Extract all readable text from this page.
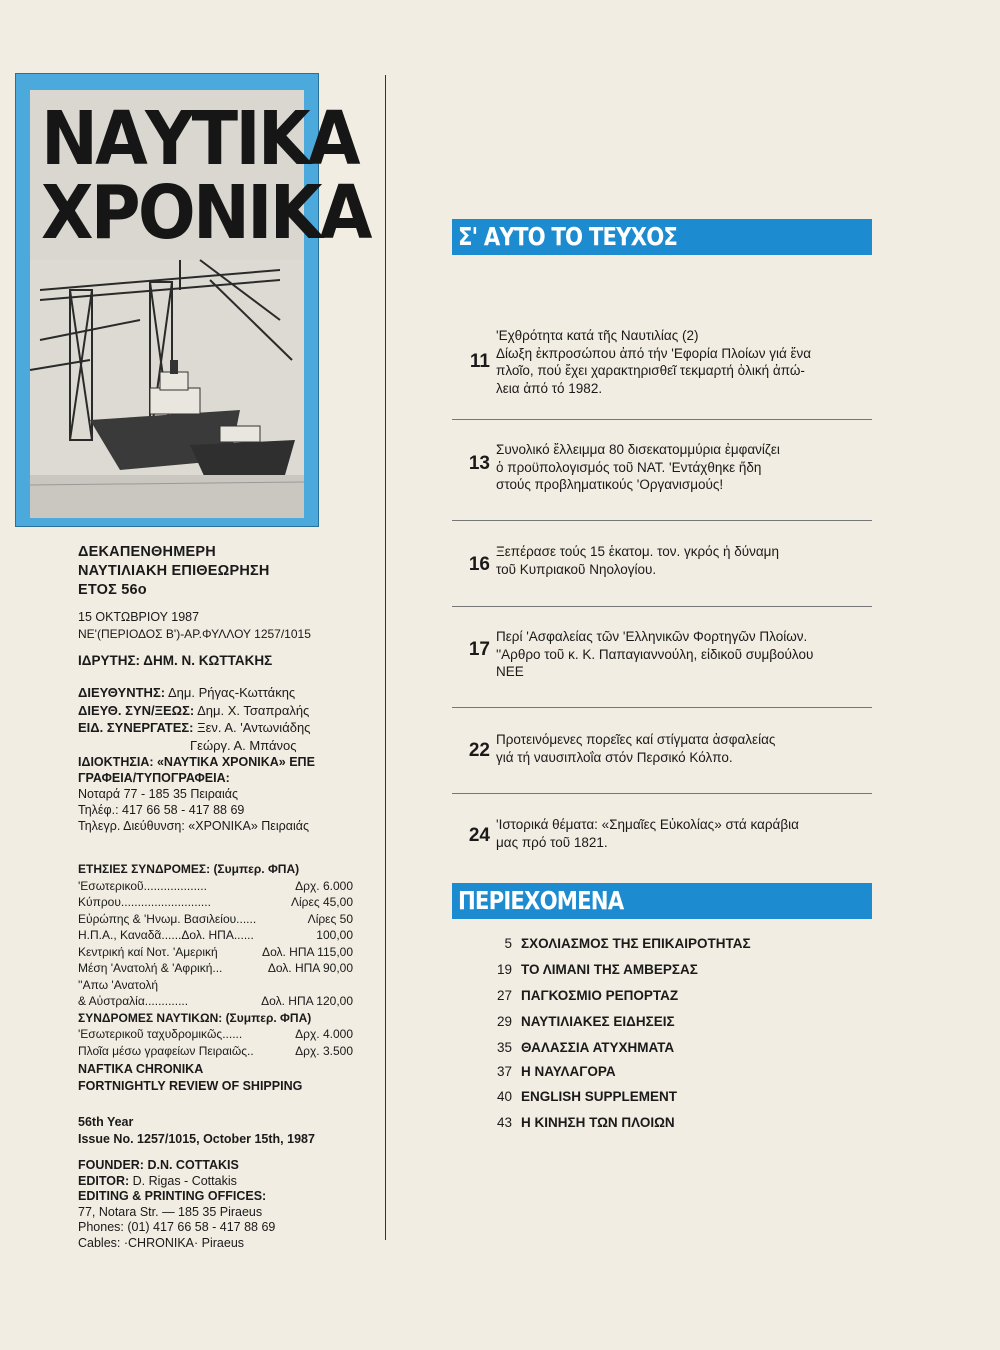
ΝΑΥΤΙΚΑ
ΧΡΟΝΙΚΑ
ΔΕΚΑΠΕΝΘΗΜΕΡΗ
ΝΑΥΤΙΛΙΑΚΗ ΕΠΙΘΕΩΡΗΣΗ
ΕΤΟΣ 56ο
15 ΟΚΤΩΒΡΙΟΥ 1987
ΝΕ'(ΠΕΡΙΟΔΟΣ Β')-ΑΡ.ΦΥΛΛΟΥ 1257/1015
ΙΔΡΥΤΗΣ: ΔΗΜ. Ν. ΚΩΤΤΑΚΗΣ
ΔΙΕΥΘΥΝΤΗΣ: Δημ. Ρήγας-Κωττάκης
ΔΙΕΥΘ. ΣΥΝ/ΞΕΩΣ: Δημ. Χ. Τσαπραλής
ΕΙΔ. ΣΥΝΕΡΓΑΤΕΣ: Ξεν. Α. 'Αντωνιάδης
Γεώργ. Α. Μπάνος
ΙΔΙΟΚΤΗΣΙΑ: «ΝΑΥΤΙΚΑ ΧΡΟΝΙΚΑ» ΕΠΕ
ΓΡΑΦΕΙΑ/ΤΥΠΟΓΡΑΦΕΙΑ:
Νοταρά 77 - 185 35 Πειραιάς
Τηλέφ.: 417 66 58 - 417 88 69
Τηλεγρ. Διεύθυνση: «ΧΡΟΝΙΚΑ» Πειραιάς
ΕΤΗΣΙΕΣ ΣΥΝΔΡΟΜΕΣ: (Συμπερ. ΦΠΑ)
'Εσωτερικοῦ...................	Δρχ. 6.000
Κύπρου...........................	Λίρες 45,00
Εὐρώπης & 'Ηνωμ. Βασιλείου......	Λίρες 50
Η.Π.Α., Καναδᾶ......Δολ. ΗΠΑ......	100,00
Κεντρική καί Νοτ. 'Αμερική	Δολ. ΗΠΑ 115,00
Μέση 'Ανατολή & 'Αφρική...	Δολ. ΗΠΑ 90,00
''Απω 'Ανατολή
& Αὐστραλία.............	Δολ. ΗΠΑ 120,00
ΣΥΝΔΡΟΜΕΣ ΝΑΥΤΙΚΩΝ: (Συμπερ. ΦΠΑ)
'Εσωτερικοῦ ταχυδρομικῶς......	Δρχ. 4.000
Πλοῖα μέσω γραφείων Πειραιῶς..	Δρχ. 3.500
NAFTIKA CHRONIKA
FORTNIGHTLY REVIEW OF SHIPPING
56th Year
Issue No. 1257/1015, October 15th, 1987
FOUNDER: D.N. COTTAKIS
EDITOR: D. Rigas - Cottakis
EDITING & PRINTING OFFICES:
77, Notara Str. — 185 35 Piraeus
Phones: (01) 417 66 58 - 417 88 69
Cables: ·CHRONIKA· Piraeus
Σ' ΑΥΤΟ ΤΟ ΤΕΥΧΟΣ
11
'Εχθρότητα κατά τῆς Ναυτιλίας (2)
Δίωξη ἐκπροσώπου ἀπό τήν 'Εφορία Πλοίων γιά ἕνα
πλοῖο, πού ἔχει χαρακτηρισθεῖ τεκμαρτή ὁλική ἀπώ-
λεια ἀπό τό 1982.
13
Συνολικό ἔλλειμμα 80 δισεκατομμύρια ἐμφανίζει
ὁ προϋπολογισμός τοῦ ΝΑΤ. 'Εντάχθηκε ἤδη
στούς προβληματικούς 'Οργανισμούς!
16
Ξεπέρασε τούς 15 ἑκατομ. τον. γκρός ἡ δύναμη
τοῦ Κυπριακοῦ Νηολογίου.
17
Περί 'Ασφαλείας τῶν 'Ελληνικῶν Φορτηγῶν Πλοίων.
''Αρθρο τοῦ κ. Κ. Παπαγιαννούλη, εἰδικοῦ συμβούλου
ΝΕΕ
22
Προτεινόμενες πορεῖες καί στίγματα ἀσφαλείας
γιά τή ναυσιπλοΐα στόν Περσικό Κόλπο.
24
'Ιστορικά θέματα: «Σημαῖες Εὐκολίας» στά καράβια
μας πρό τοῦ 1821.
ΠΕΡΙΕΧΟΜΕΝΑ
5 ΣΧΟΛΙΑΣΜΟΣ ΤΗΣ ΕΠΙΚΑΙΡΟΤΗΤΑΣ
19 ΤΟ ΛΙΜΑΝΙ ΤΗΣ ΑΜΒΕΡΣΑΣ
27 ΠΑΓΚΟΣΜΙΟ ΡΕΠΟΡΤΑΖ
29 ΝΑΥΤΙΛΙΑΚΕΣ ΕΙΔΗΣΕΙΣ
35 ΘΑΛΑΣΣΙΑ ΑΤΥΧΗΜΑΤΑ
37 Η ΝΑΥΛΑΓΟΡΑ
40 ENGLISH SUPPLEMENT
43 Η ΚΙΝΗΣΗ ΤΩΝ ΠΛΟΙΩΝ
